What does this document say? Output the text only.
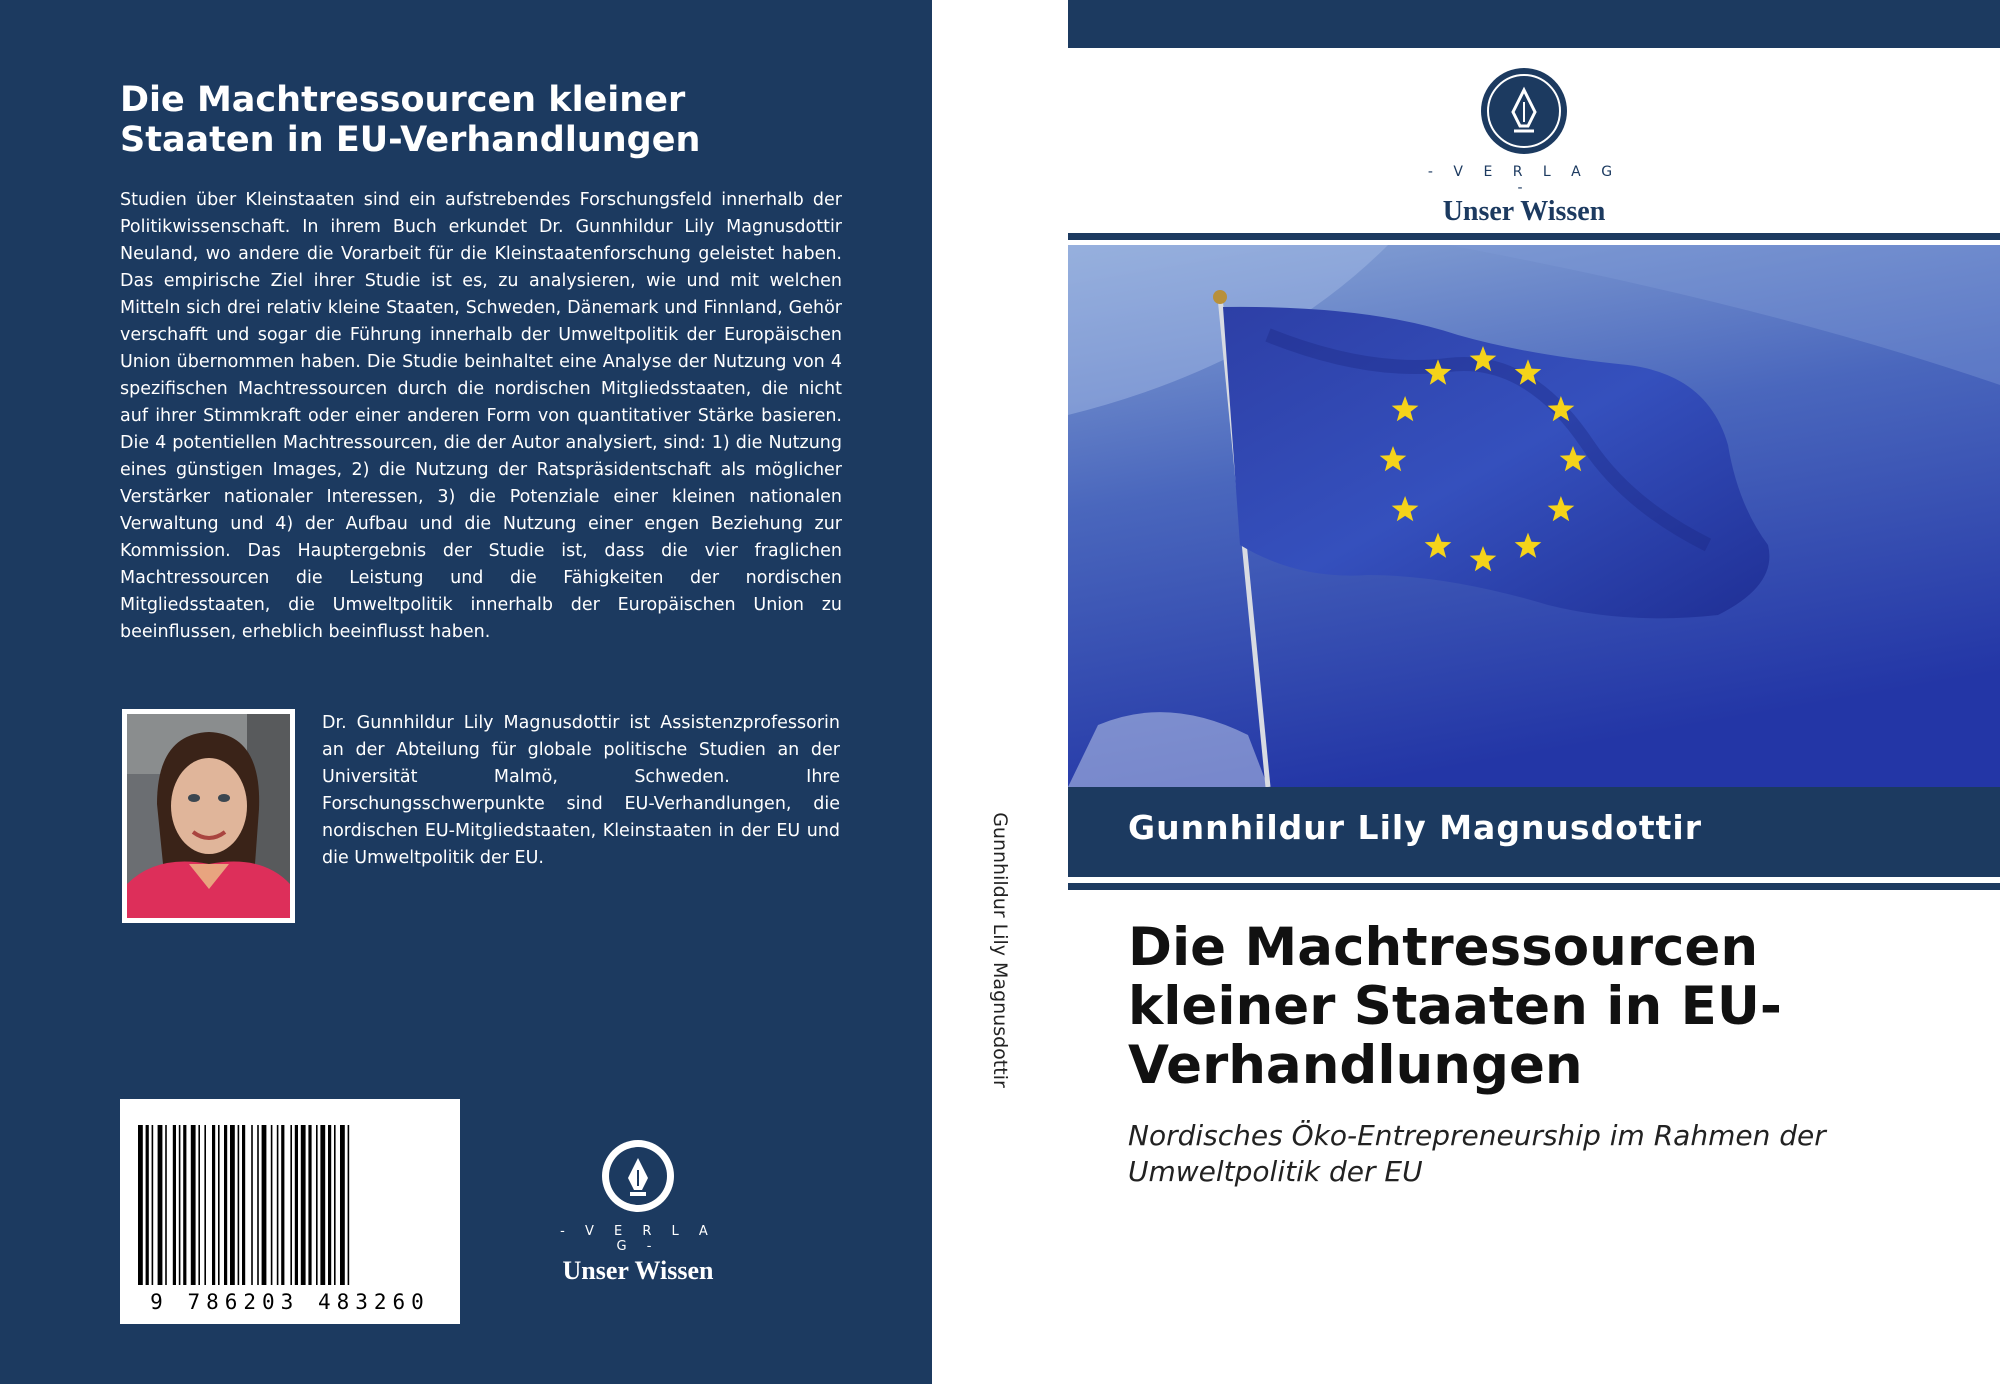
Die Machtressourcen kleiner Staaten in EU-Verhandlungen
Studien über Kleinstaaten sind ein aufstrebendes Forschungsfeld innerhalb der Politikwissenschaft. In ihrem Buch erkundet Dr. Gunnhildur Lily Magnusdottir Neuland, wo andere die Vorarbeit für die Kleinstaatenforschung geleistet haben. Das empirische Ziel ihrer Studie ist es, zu analysieren, wie und mit welchen Mitteln sich drei relativ kleine Staaten, Schweden, Dänemark und Finnland, Gehör verschafft und sogar die Führung innerhalb der Umweltpolitik der Europäischen Union übernommen haben. Die Studie beinhaltet eine Analyse der Nutzung von 4 spezifischen Machtressourcen durch die nordischen Mitgliedsstaaten, die nicht auf ihrer Stimmkraft oder einer anderen Form von quantitativer Stärke basieren. Die 4 potentiellen Machtressourcen, die der Autor analysiert, sind: 1) die Nutzung eines günstigen Images, 2) die Nutzung der Ratspräsidentschaft als möglicher Verstärker nationaler Interessen, 3) die Potenziale einer kleinen nationalen Verwaltung und 4) der Aufbau und die Nutzung einer engen Beziehung zur Kommission. Das Hauptergebnis der Studie ist, dass die vier fraglichen Machtressourcen die Leistung und die Fähigkeiten der nordischen Mitgliedsstaaten, die Umweltpolitik innerhalb der Europäischen Union zu beeinflussen, erheblich beeinflusst haben.
Dr. Gunnhildur Lily Magnusdottir ist Assistenzprofessorin an der Abteilung für globale politische Studien an der Universität Malmö, Schweden. Ihre Forschungsschwerpunkte sind EU-Verhandlungen, die nordischen EU-Mitgliedstaaten, Kleinstaaten in der EU und die Umweltpolitik der EU.
9 786203 483260
- V E R L A G -
Unser Wissen
Gunnhildur Lily Magnusdottir
- V E R L A G -
Unser Wissen
Gunnhildur Lily Magnusdottir
Die Machtressourcen kleiner Staaten in EU-Verhandlungen
Nordisches Öko-Entrepreneurship im Rahmen der Umweltpolitik der EU
